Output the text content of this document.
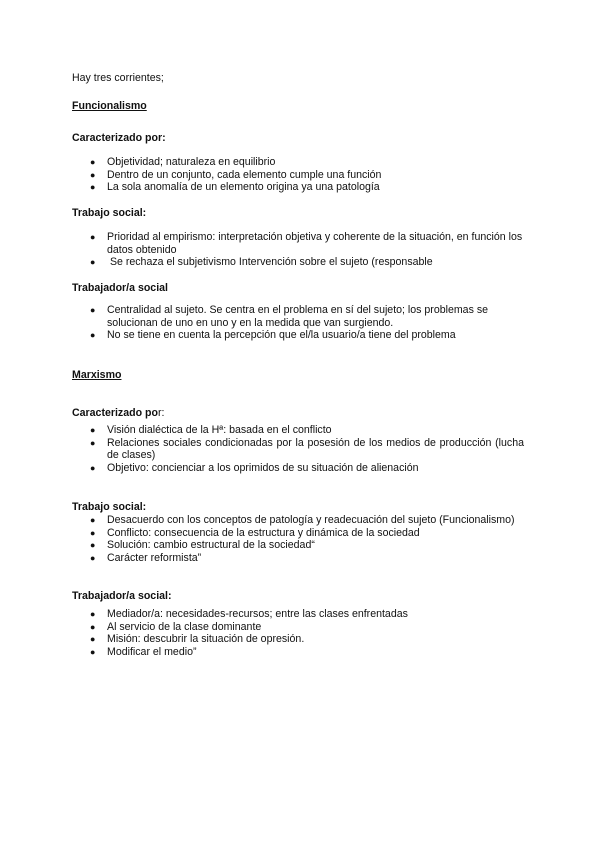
Hay tres corrientes;

Funcionalismo

Caracterizado por:

● Objetividad; naturaleza en equilibrio
● Dentro de un conjunto, cada elemento cumple una función
● La sola anomalía de un elemento origina ya una patología

Trabajo social:

● Prioridad al empirismo: interpretación objetiva y coherente de la situación, en función los datos obtenido
● Se rechaza el subjetivismo Intervención sobre el sujeto (responsable

Trabajador/a social

● Centralidad al sujeto. Se centra en el problema en sí del sujeto; los problemas se solucionan de uno en uno y en la medida que van surgiendo.
● No se tiene en cuenta la percepción que el/la usuario/a tiene del problema

Marxismo

Caracterizado por:

● Visión dialéctica de la Hª: basada en el conflicto
● Relaciones sociales condicionadas por la posesión de los medios de producción (lucha de clases)
● Objetivo: concienciar a los oprimidos de su situación de alienación

Trabajo social:

● Desacuerdo con los conceptos de patología y readecuación del sujeto (Funcionalismo)
● Conflicto: consecuencia de la estructura y dinámica de la sociedad
● Solución: cambio estructural de la sociedad“
● Carácter reformista”

Trabajador/a social:

● Mediador/a: necesidades-recursos; entre las clases enfrentadas
● Al servicio de la clase dominante
● Misión: descubrir la situación de opresión.
● Modificar el medio”
